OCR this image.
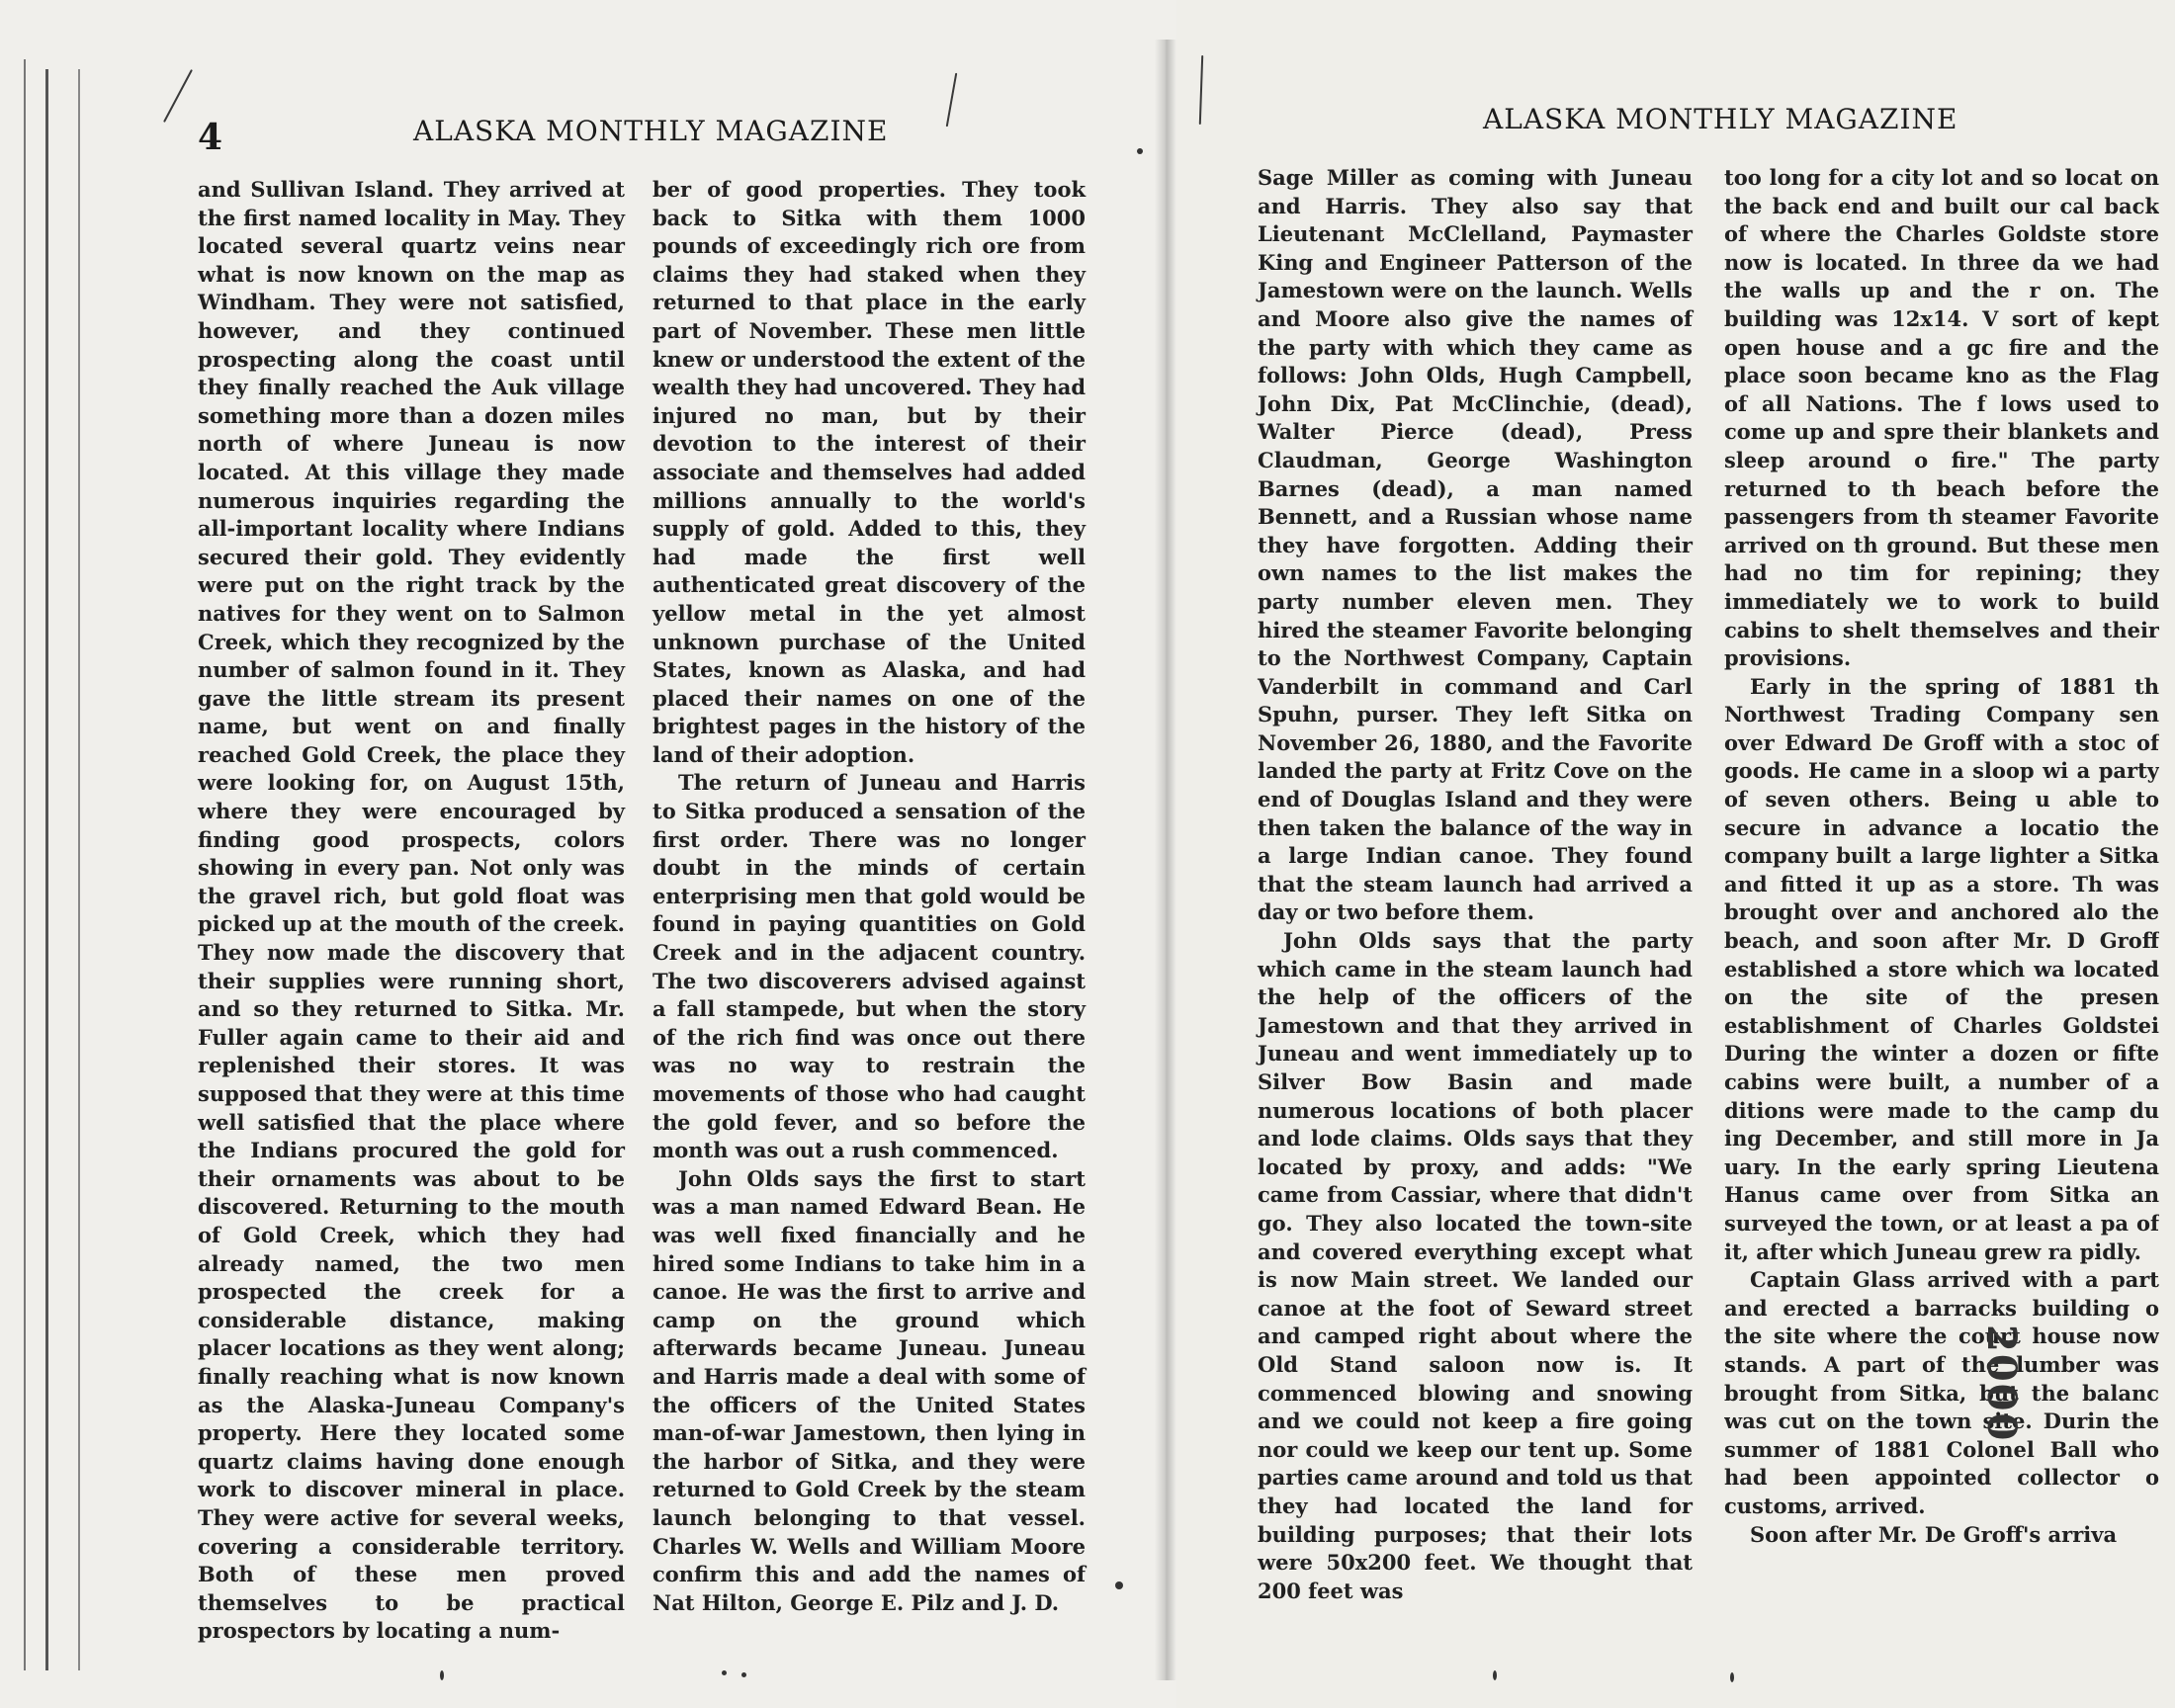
4	ALASKA MONTHLY MAGAZINE	ALASKA MONTHLY MAGAZINE

and Sullivan Island. They arrived at the first named locality in May. They located several quartz veins near what is now known on the map as Windham. They were not satisfied, however, and they continued prospecting along the coast until they finally reached the Auk village something more than a dozen miles north of where Juneau is now located. At this village they made numerous inquiries regarding the all-important locality where Indians secured their gold. They evidently were put on the right track by the natives for they went on to Salmon Creek, which they recognized by the number of salmon found in it. They gave the little stream its present name, but went on and finally reached Gold Creek, the place they were looking for, on August 15th, where they were encouraged by finding good prospects, colors showing in every pan. Not only was the gravel rich, but gold float was picked up at the mouth of the creek. They now made the discovery that their supplies were running short, and so they returned to Sitka. Mr. Fuller again came to their aid and replenished their stores. It was supposed that they were at this time well satisfied that the place where the Indians procured the gold for their ornaments was about to be discovered. Returning to the mouth of Gold Creek, which they had already named, the two men prospected the creek for a considerable distance, making placer locations as they went along; finally reaching what is now known as the Alaska-Juneau Company's property. Here they located some quartz claims having done enough work to discover mineral in place. They were active for several weeks, covering a considerable territory. Both of these men proved themselves to be practical prospectors by locating a num-

ber of good properties. They took back to Sitka with them 1000 pounds of exceedingly rich ore from claims they had staked when they returned to that place in the early part of November. These men little knew or understood the extent of the wealth they had uncovered. They had injured no man, but by their devotion to the interest of their associate and themselves had added millions annually to the world's supply of gold. Added to this, they had made the first well authenticated great discovery of the yellow metal in the yet almost unknown purchase of the United States, known as Alaska, and had placed their names on one of the brightest pages in the history of the land of their adoption.

The return of Juneau and Harris to Sitka produced a sensation of the first order. There was no longer doubt in the minds of certain enterprising men that gold would be found in paying quantities on Gold Creek and in the adjacent country. The two discoverers advised against a fall stampede, but when the story of the rich find was once out there was no way to restrain the movements of those who had caught the gold fever, and so before the month was out a rush commenced.

John Olds says the first to start was a man named Edward Bean. He was well fixed financially and he hired some Indians to take him in a canoe. He was the first to arrive and camp on the ground which afterwards became Juneau. Juneau and Harris made a deal with some of the officers of the United States man-of-war Jamestown, then lying in the harbor of Sitka, and they were returned to Gold Creek by the steam launch belonging to that vessel. Charles W. Wells and William Moore confirm this and add the names of Nat Hilton, George E. Pilz and J. D.

Sage Miller as coming with Juneau and Harris. They also say that Lieutenant McClelland, Paymaster King and Engineer Patterson of the Jamestown were on the launch. Wells and Moore also give the names of the party with which they came as follows: John Olds, Hugh Campbell, John Dix, Pat McClinchie, (dead), Walter Pierce (dead), Press Claudman, George Washington Barnes (dead), a man named Bennett, and a Russian whose name they have forgotten. Adding their own names to the list makes the party number eleven men. They hired the steamer Favorite belonging to the Northwest Company, Captain Vanderbilt in command and Carl Spuhn, purser. They left Sitka on November 26, 1880, and the Favorite landed the party at Fritz Cove on the end of Douglas Island and they were then taken the balance of the way in a large Indian canoe. They found that the steam launch had arrived a day or two before them.

John Olds says that the party which came in the steam launch had the help of the officers of the Jamestown and that they arrived in Juneau and went immediately up to Silver Bow Basin and made numerous locations of both placer and lode claims. Olds says that they located by proxy, and adds: "We came from Cassiar, where that didn't go. They also located the town-site and covered everything except what is now Main street. We landed our canoe at the foot of Seward street and camped right about where the Old Stand saloon now is. It commenced blowing and snowing and we could not keep a fire going nor could we keep our tent up. Some parties came around and told us that they had located the land for building purposes; that their lots were 50x200 feet. We thought that 200 feet was

too long for a city lot and so locat on the back end and built our cal back of where the Charles Goldste store now is located. In three da we had the walls up and the r on. The building was 12x14. V sort of kept open house and a gc fire and the place soon became kno as the Flag of all Nations. The f lows used to come up and spre their blankets and sleep around o fire." The party returned to th beach before the passengers from th steamer Favorite arrived on th ground. But these men had no tim for repining; they immediately we to work to build cabins to shelt themselves and their provisions.

Early in the spring of 1881 th Northwest Trading Company sen over Edward De Groff with a stoc of goods. He came in a sloop wi a party of seven others. Being u able to secure in advance a locatio the company built a large lighter a Sitka and fitted it up as a store. Th was brought over and anchored alo the beach, and soon after Mr. D Groff established a store which wa located on the site of the presen establishment of Charles Goldstei During the winter a dozen or fifte cabins were built, a number of a ditions were made to the camp du ing December, and still more in Ja uary. In the early spring Lieutena Hanus came over from Sitka an surveyed the town, or at least a pa of it, after which Juneau grew ra pidly.

Captain Glass arrived with a part and erected a barracks building o the site where the court house now stands. A part of the lumber was brought from Sitka, but the balanc was cut on the town site. Durin the summer of 1881 Colonel Ball who had been appointed collector o customs, arrived.

Soon after Mr. De Groff's arriva

2000
